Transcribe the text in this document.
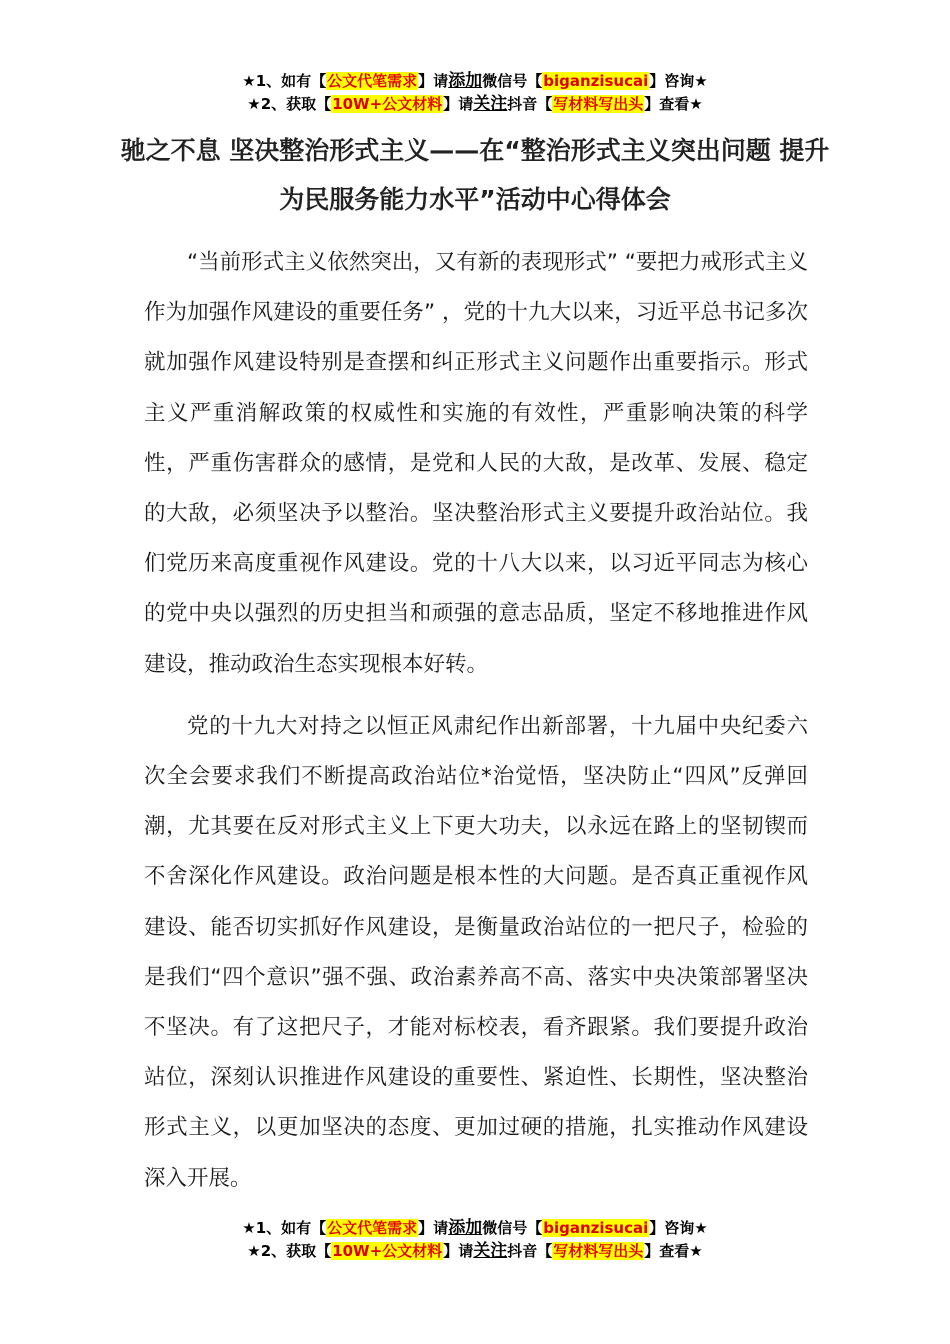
★1、如有【公文代笔需求】请添加微信号【biganzisucai】咨询★
★2、获取【10W+公文材料】请关注抖音【写材料写出头】查看★
驰之不息 坚决整治形式主义——在“整治形式主义突出问题 提升为民服务能力水平”活动中心得体会

“当前形式主义依然突出，又有新的表现形式” “要把力戒形式主义作为加强作风建设的重要任务” ，党的十九大以来，习近平总书记多次就加强作风建设特别是查摆和纠正形式主义问题作出重要指示。形式主义严重消解政策的权威性和实施的有效性，严重影响决策的科学性，严重伤害群众的感情，是党和人民的大敌，是改革、发展、稳定的大敌，必须坚决予以整治。坚决整治形式主义要提升政治站位。我们党历来高度重视作风建设。党的十八大以来，以习近平同志为核心的党中央以强烈的历史担当和顽强的意志品质，坚定不移地推进作风建设，推动政治生态实现根本好转。

党的十九大对持之以恒正风肃纪作出新部署，十九届中央纪委六次全会要求我们不断提高政治站位*治觉悟，坚决防止“四风”反弹回潮，尤其要在反对形式主义上下更大功夫，以永远在路上的坚韧锲而不舍深化作风建设。政治问题是根本性的大问题。是否真正重视作风建设、能否切实抓好作风建设，是衡量政治站位的一把尺子，检验的是我们“四个意识”强不强、政治素养高不高、落实中央决策部署坚决不坚决。有了这把尺子，才能对标校表，看齐跟紧。我们要提升政治站位，深刻认识推进作风建设的重要性、紧迫性、长期性，坚决整治形式主义，以更加坚决的态度、更加过硬的措施，扎实推动作风建设深入开展。

★1、如有【公文代笔需求】请添加微信号【biganzisucai】咨询★
★2、获取【10W+公文材料】请关注抖音【写材料写出头】查看★
